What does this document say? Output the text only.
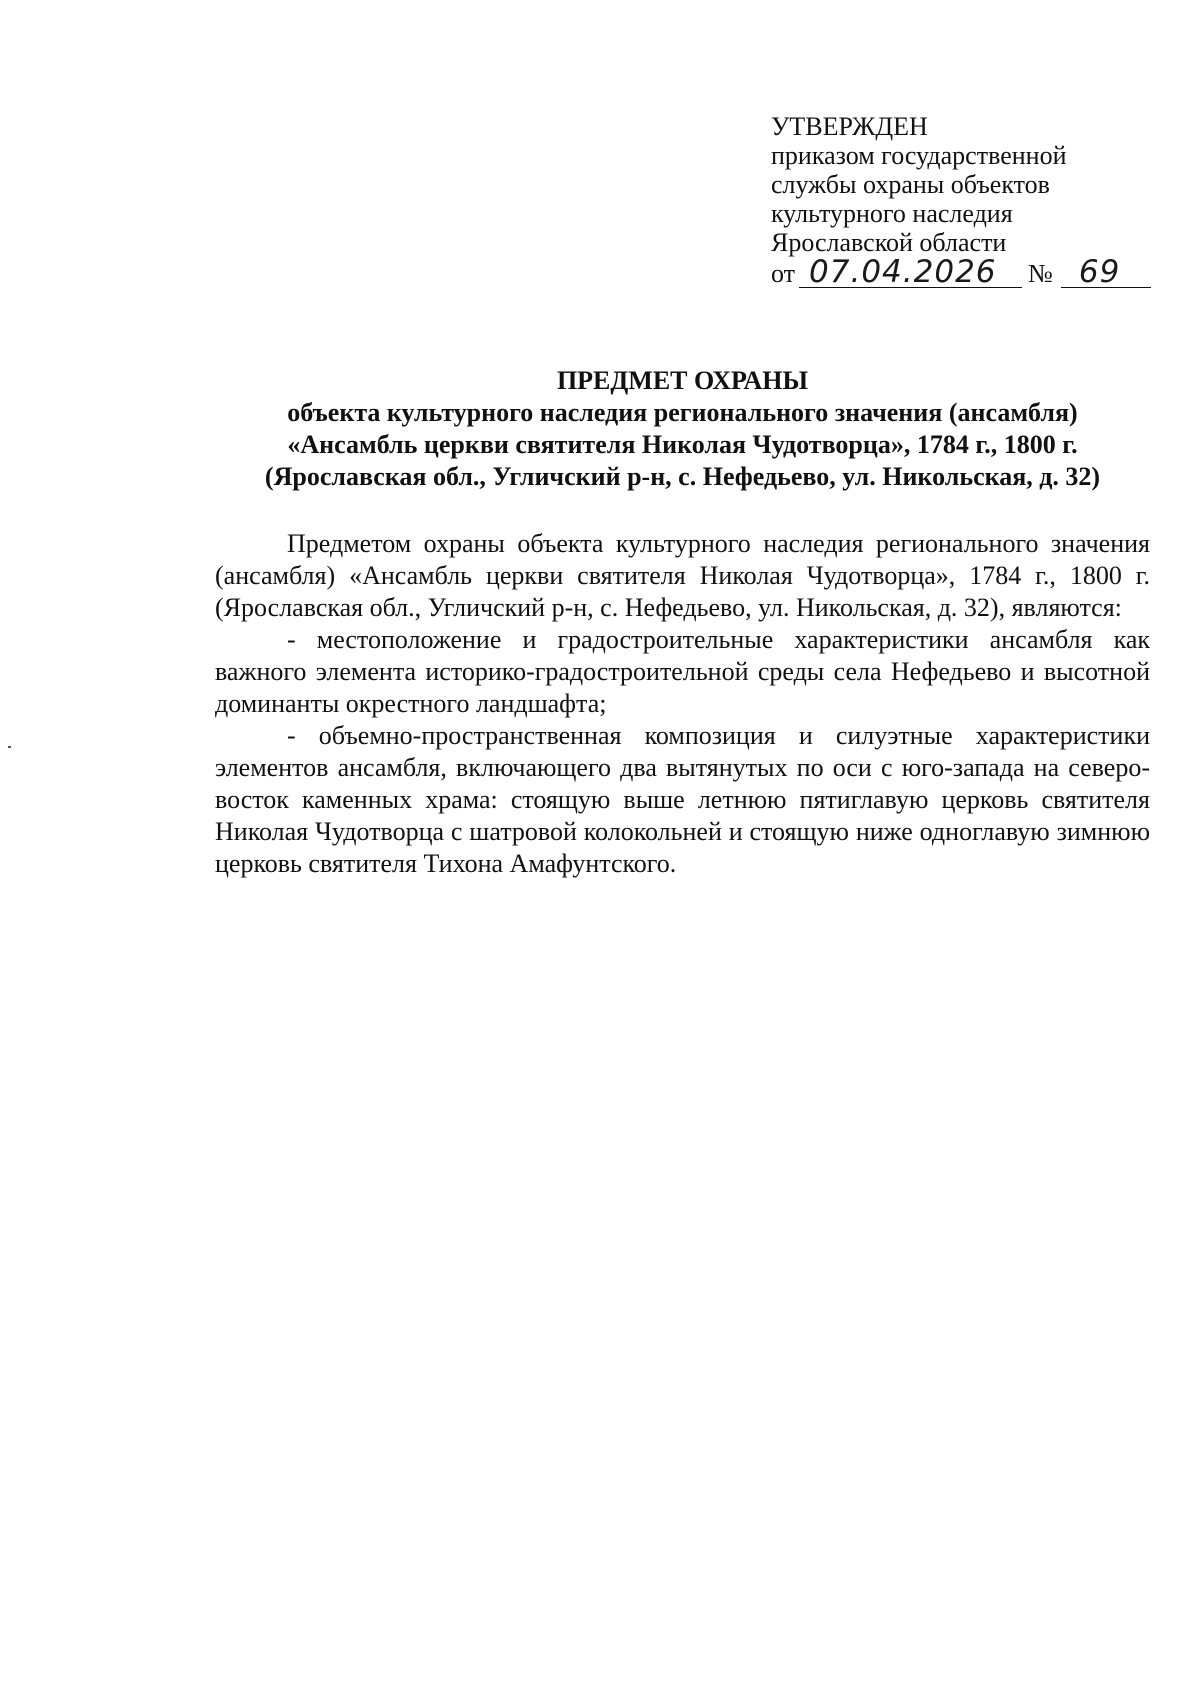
УТВЕРЖДЕН
приказом государственной
службы охраны объектов
культурного наследия
Ярославской области
от 07.04.2026	№ 69
ПРЕДМЕТ ОХРАНЫ
объекта культурного наследия регионального значения (ансамбля)
«Ансамбль церкви святителя Николая Чудотворца», 1784 г., 1800 г.
(Ярославская обл., Угличский р-н, с. Нефедьево, ул. Никольская, д. 32)

Предметом охраны объекта культурного наследия регионального значения (ансамбля) «Ансамбль церкви святителя Николая Чудотворца», 1784 г., 1800 г. (Ярославская обл., Угличский р-н, с. Нефедьево, ул. Никольская, д. 32), являются:

- местоположение и градостроительные характеристики ансамбля как важного элемента историко-градостроительной среды села Нефедьево и высотной доминанты окрестного ландшафта;

- объемно-пространственная композиция и силуэтные характеристики элементов ансамбля, включающего два вытянутых по оси с юго-запада на северо-восток каменных храма: стоящую выше летнюю пятиглавую церковь святителя Николая Чудотворца с шатровой колокольней и стоящую ниже одноглавую зимнюю церковь святителя Тихона Амафунтского.
